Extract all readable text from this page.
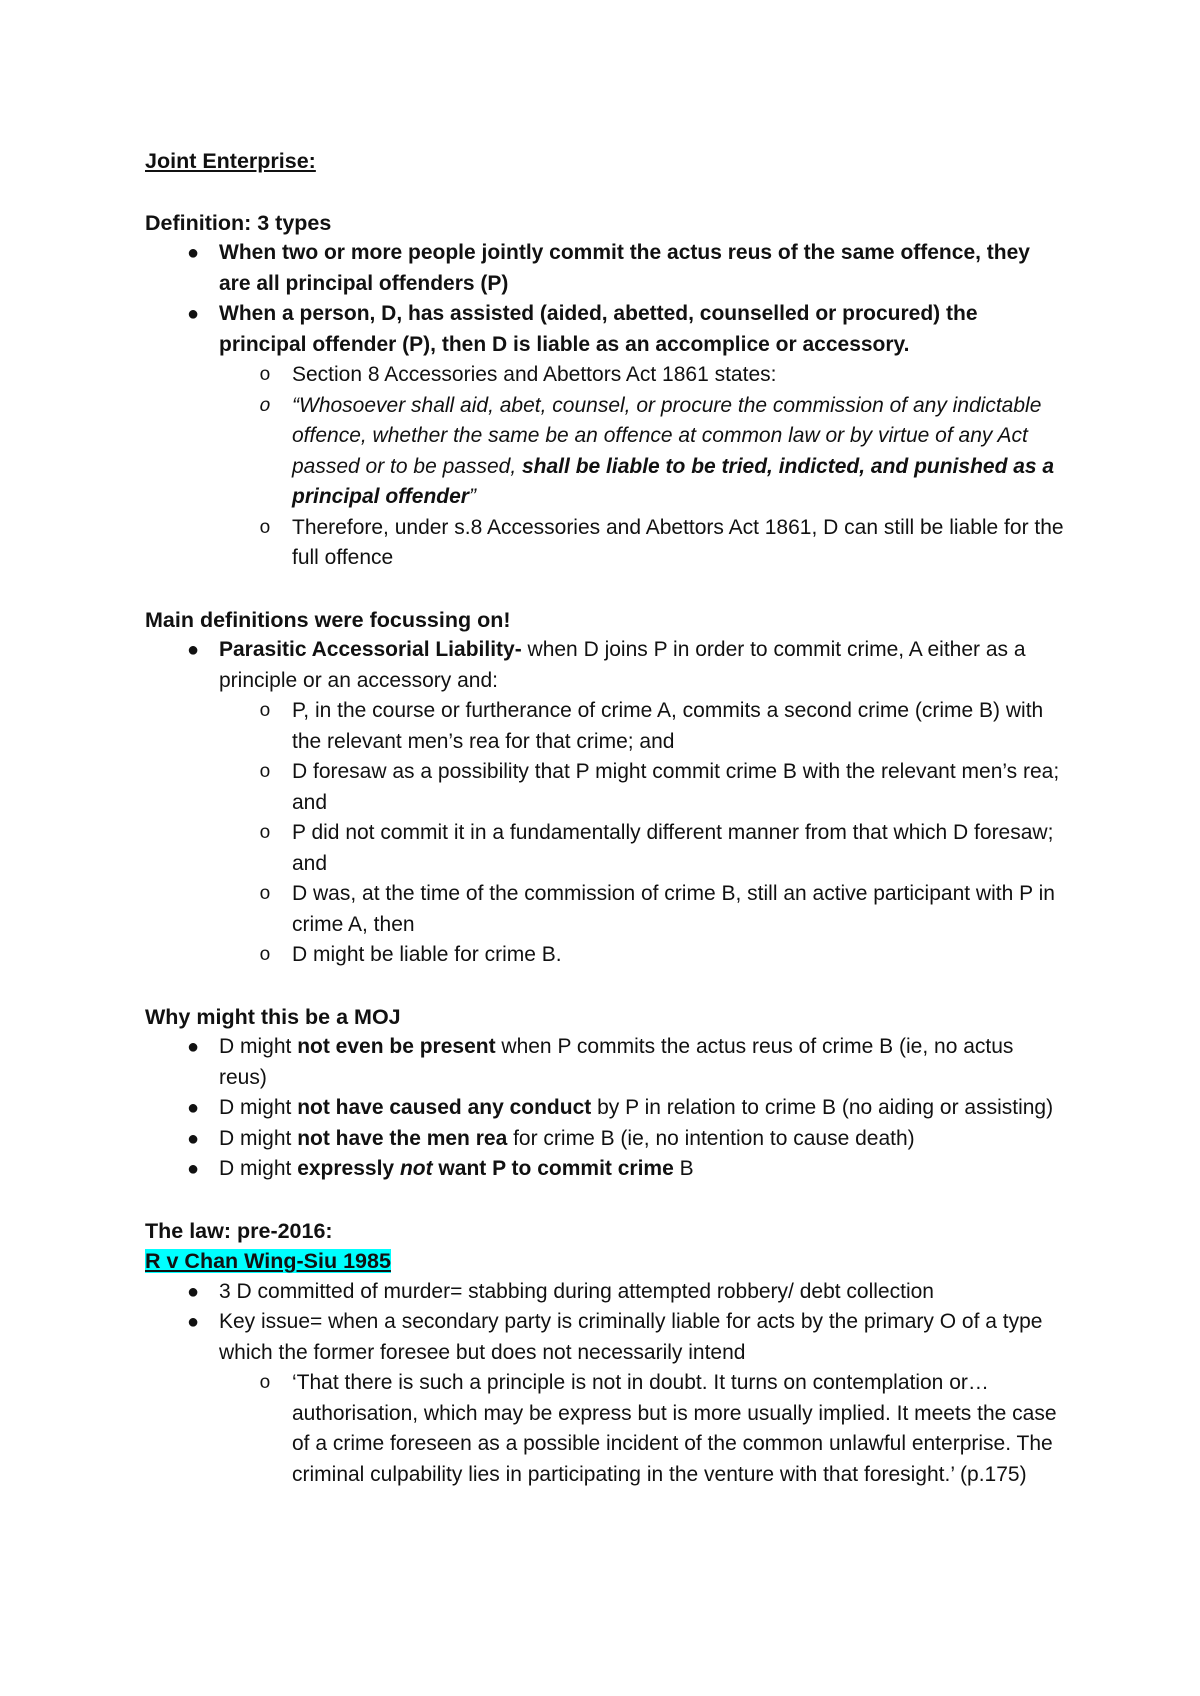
Joint Enterprise:
Definition: 3 types
● When two or more people jointly commit the actus reus of the same offence, they are all principal offenders (P)
● When a person, D, has assisted (aided, abetted, counselled or procured) the principal offender (P), then D is liable as an accomplice or accessory.
o Section 8 Accessories and Abettors Act 1861 states:
o “Whosoever shall aid, abet, counsel, or procure the commission of any indictable offence, whether the same be an offence at common law or by virtue of any Act passed or to be passed, shall be liable to be tried, indicted, and punished as a principal offender”
o Therefore, under s.8 Accessories and Abettors Act 1861, D can still be liable for the full offence
Main definitions were focussing on!
● Parasitic Accessorial Liability- when D joins P in order to commit crime, A either as a principle or an accessory and:
o P, in the course or furtherance of crime A, commits a second crime (crime B) with the relevant men’s rea for that crime; and
o D foresaw as a possibility that P might commit crime B with the relevant men’s rea; and
o P did not commit it in a fundamentally different manner from that which D foresaw; and
o D was, at the time of the commission of crime B, still an active participant with P in crime A, then
o D might be liable for crime B.
Why might this be a MOJ
● D might not even be present when P commits the actus reus of crime B (ie, no actus reus)
● D might not have caused any conduct by P in relation to crime B (no aiding or assisting)
● D might not have the men rea for crime B (ie, no intention to cause death)
● D might expressly not want P to commit crime B
The law: pre-2016:
R v Chan Wing-Siu 1985
● 3 D committed of murder= stabbing during attempted robbery/ debt collection
● Key issue= when a secondary party is criminally liable for acts by the primary O of a type which the former foresee but does not necessarily intend
o ‘That there is such a principle is not in doubt. It turns on contemplation or… authorisation, which may be express but is more usually implied. It meets the case of a crime foreseen as a possible incident of the common unlawful enterprise. The criminal culpability lies in participating in the venture with that foresight.’ (p.175)
